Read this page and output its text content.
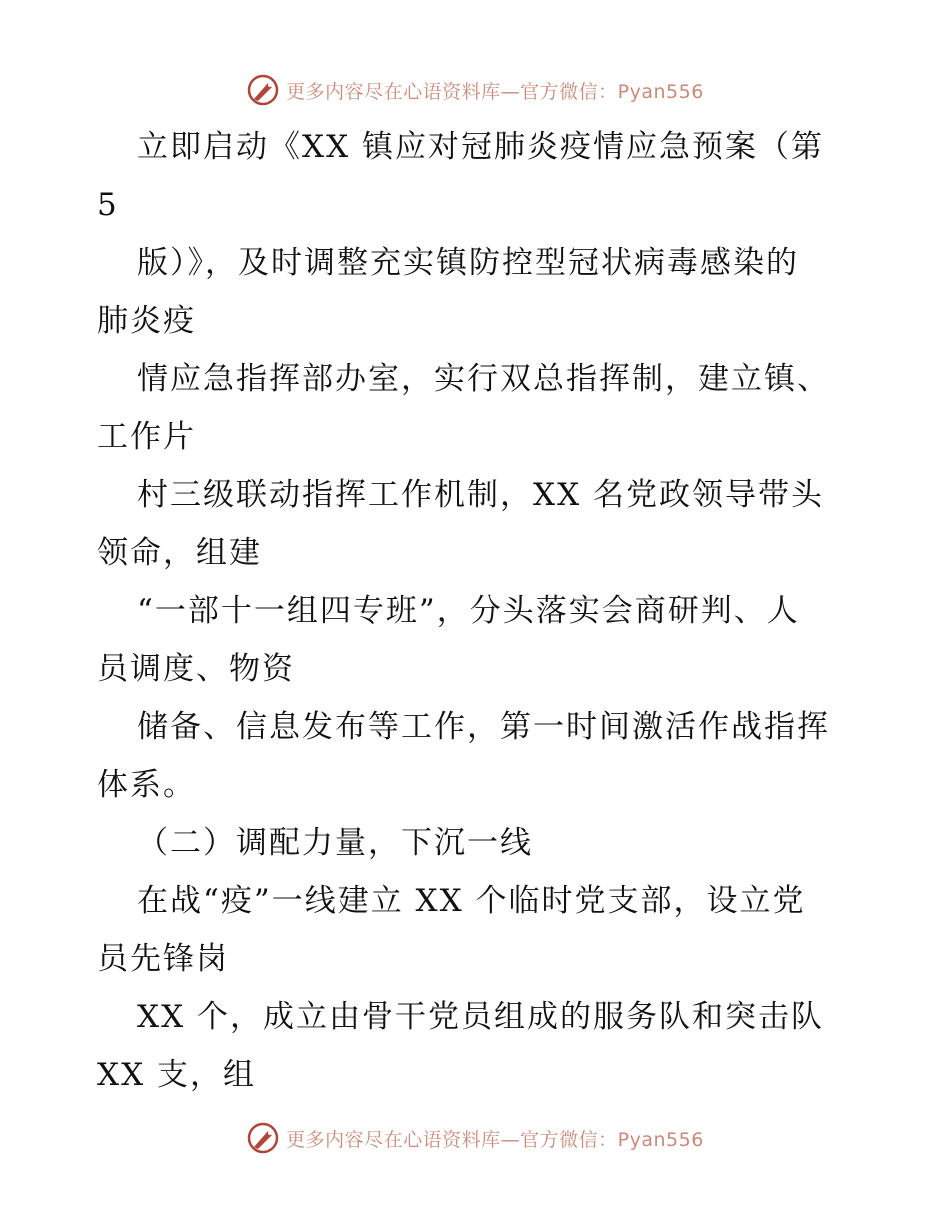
更多内容尽在心语资料库—官方微信：Pyan556
立即启动《XX 镇应对冠肺炎疫情应急预案（第
5
版）》，及时调整充实镇防控型冠状病毒感染的
肺炎疫
情应急指挥部办室，实行双总指挥制，建立镇、
工作片
村三级联动指挥工作机制，XX 名党政领导带头
领命，组建
“一部十一组四专班”，分头落实会商研判、人
员调度、物资
储备、信息发布等工作，第一时间激活作战指挥
体系。
（二）调配力量，下沉一线
在战“疫”一线建立 XX 个临时党支部，设立党
员先锋岗
XX 个，成立由骨干党员组成的服务队和突击队
XX 支，组
更多内容尽在心语资料库—官方微信：Pyan556
